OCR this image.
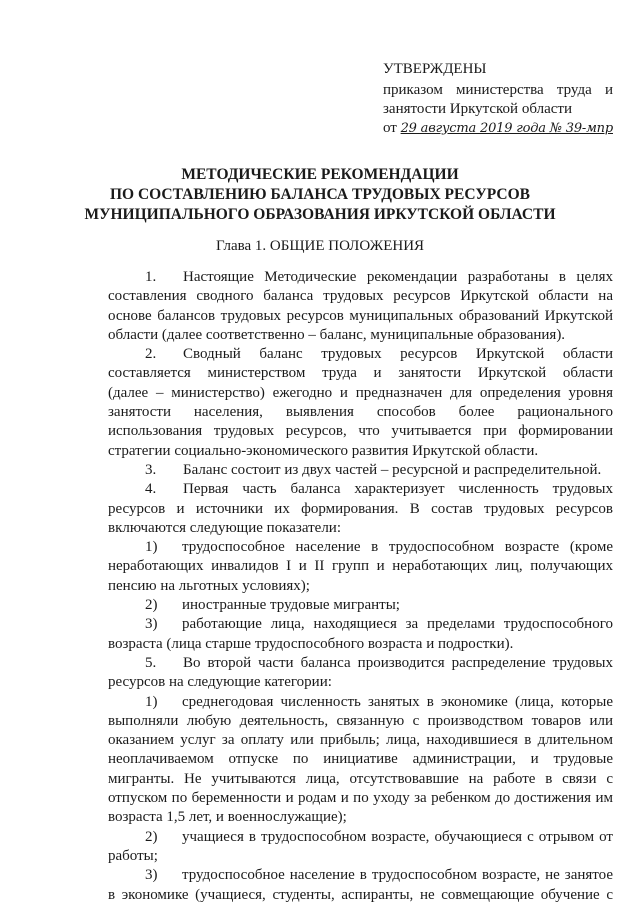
УТВЕРЖДЕНЫ
приказом министерства труда и
занятости Иркутской области
от 29 августа 2019 года № 39-мпр
МЕТОДИЧЕСКИЕ РЕКОМЕНДАЦИИ
ПО СОСТАВЛЕНИЮ БАЛАНСА ТРУДОВЫХ РЕСУРСОВ
МУНИЦИПАЛЬНОГО ОБРАЗОВАНИЯ ИРКУТСКОЙ ОБЛАСТИ
Глава 1. ОБЩИЕ ПОЛОЖЕНИЯ

1. Настоящие Методические рекомендации разработаны в целях
составления сводного баланса трудовых ресурсов Иркутской области на
основе балансов трудовых ресурсов муниципальных образований Иркутской
области (далее соответственно – баланс, муниципальные образования).

2. Сводный баланс трудовых ресурсов Иркутской области
составляется министерством труда и занятости Иркутской области
(далее – министерство) ежегодно и предназначен для определения уровня
занятости населения, выявления способов более рационального
использования трудовых ресурсов, что учитывается при формировании
стратегии социально-экономического развития Иркутской области.

3. Баланс состоит из двух частей – ресурсной и распределительной.

4. Первая часть баланса характеризует численность трудовых
ресурсов и источники их формирования. В состав трудовых ресурсов
включаются следующие показатели:

1) трудоспособное население в трудоспособном возрасте (кроме
неработающих инвалидов I и II групп и неработающих лиц, получающих
пенсию на льготных условиях);

2) иностранные трудовые мигранты;

3) работающие лица, находящиеся за пределами трудоспособного
возраста (лица старше трудоспособного возраста и подростки).

5. Во второй части баланса производится распределение трудовых
ресурсов на следующие категории:

1) среднегодовая численность занятых в экономике (лица, которые
выполняли любую деятельность, связанную с производством товаров или
оказанием услуг за оплату или прибыль; лица, находившиеся в длительном
неоплачиваемом отпуске по инициативе администрации, и трудовые
мигранты. Не учитываются лица, отсутствовавшие на работе в связи с
отпуском по беременности и родам и по уходу за ребенком до достижения им
возраста 1,5 лет, и военнослужащие);

2) учащиеся в трудоспособном возрасте, обучающиеся с отрывом от
работы;

3) трудоспособное население в трудоспособном возрасте, не занятое
в экономике (учащиеся, студенты, аспиранты, не совмещающие обучение с
